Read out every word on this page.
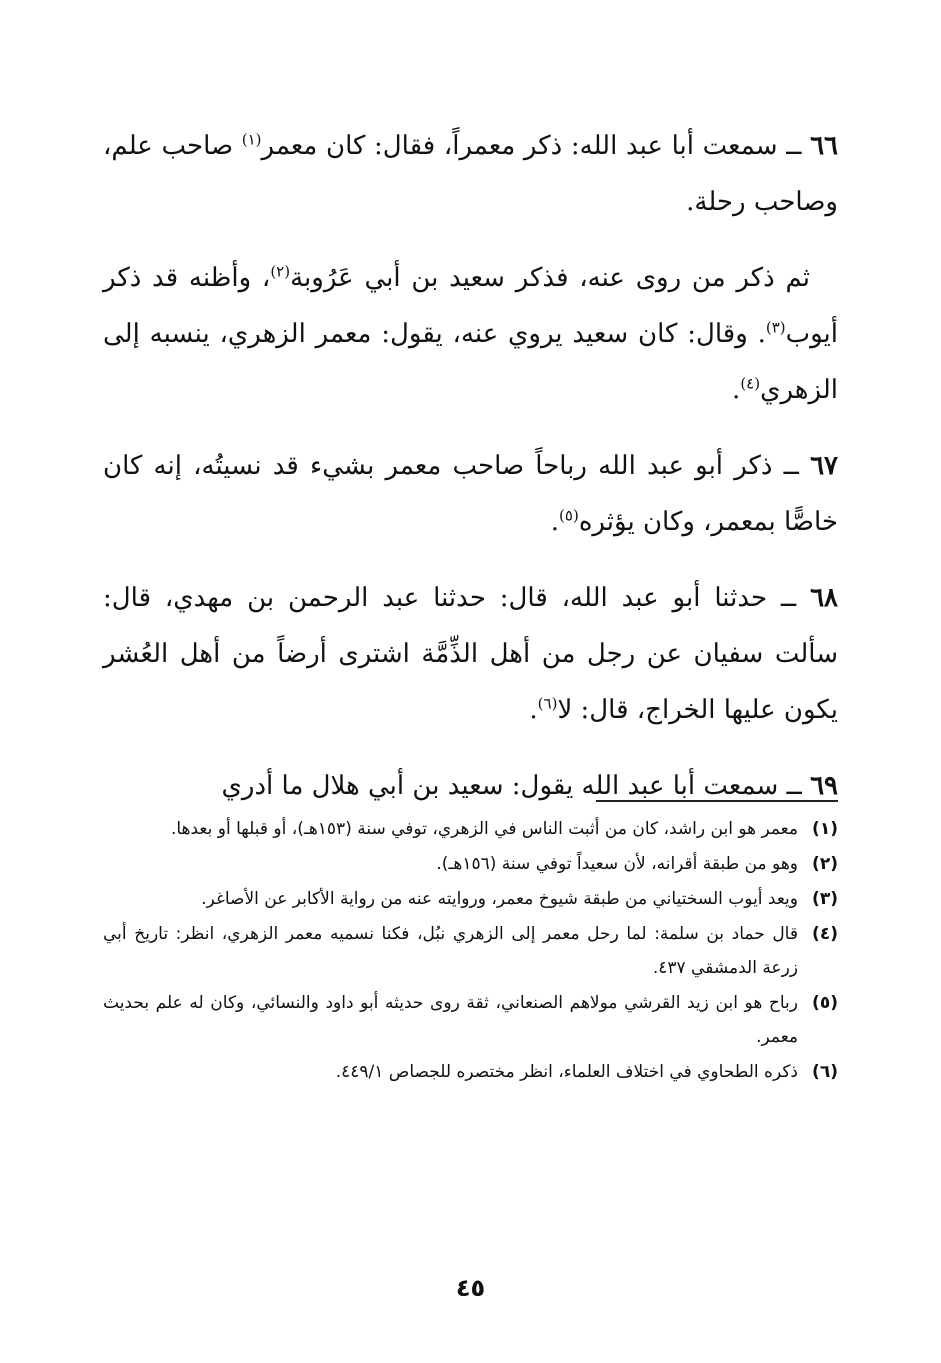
٦٦ ــ سمعت أبا عبد الله: ذكر معمراً، فقال: كان معمر$^{(١)}$ صاحب علم، وصاحب رحلة.

ثم ذكر من روى عنه، فذكر سعيد بن أبي عَرُوبة$^{(٢)}$، وأظنه قد ذكر أيوب$^{(٣)}$. وقال: كان سعيد يروي عنه، يقول: معمر الزهري، ينسبه إلى الزهري$^{(٤)}$.

٦٧ ــ ذكر أبو عبد الله رباحاً صاحب معمر بشيء قد نسيتُه، إنه كان خاصًّا بمعمر، وكان يؤثره$^{(٥)}$.

٦٨ ــ حدثنا أبو عبد الله، قال: حدثنا عبد الرحمن بن مهدي، قال: سألت سفيان عن رجل من أهل الذِّمَّة اشترى أرضاً من أهل العُشر يكون عليها الخراج، قال: لا$^{(٦)}$.

٦٩ ــ سمعت أبا عبد الله يقول: سعيد بن أبي هلال ما أدري

(١)
معمر هو ابن راشد، كان من أثبت الناس في الزهري، توفي سنة (١٥٣هـ)، أو قبلها أو بعدها.
(٢)
وهو من طبقة أقرانه، لأن سعيداً توفي سنة (١٥٦هـ).
(٣)
ويعد أيوب السختياني من طبقة شيوخ معمر، وروايته عنه من رواية الأكابر عن الأصاغر.
(٤)
قال حماد بن سلمة: لما رحل معمر إلى الزهري نبُل، فكنا نسميه معمر الزهري، انظر: تاريخ أبي زرعة الدمشقي ٤٣٧.
(٥)
رباح هو ابن زيد القرشي مولاهم الصنعاني، ثقة روى حديثه أبو داود والنسائي، وكان له علم بحديث معمر.
(٦)
ذكره الطحاوي في اختلاف العلماء، انظر مختصره للجصاص ٤٤٩/١.
٤٥
